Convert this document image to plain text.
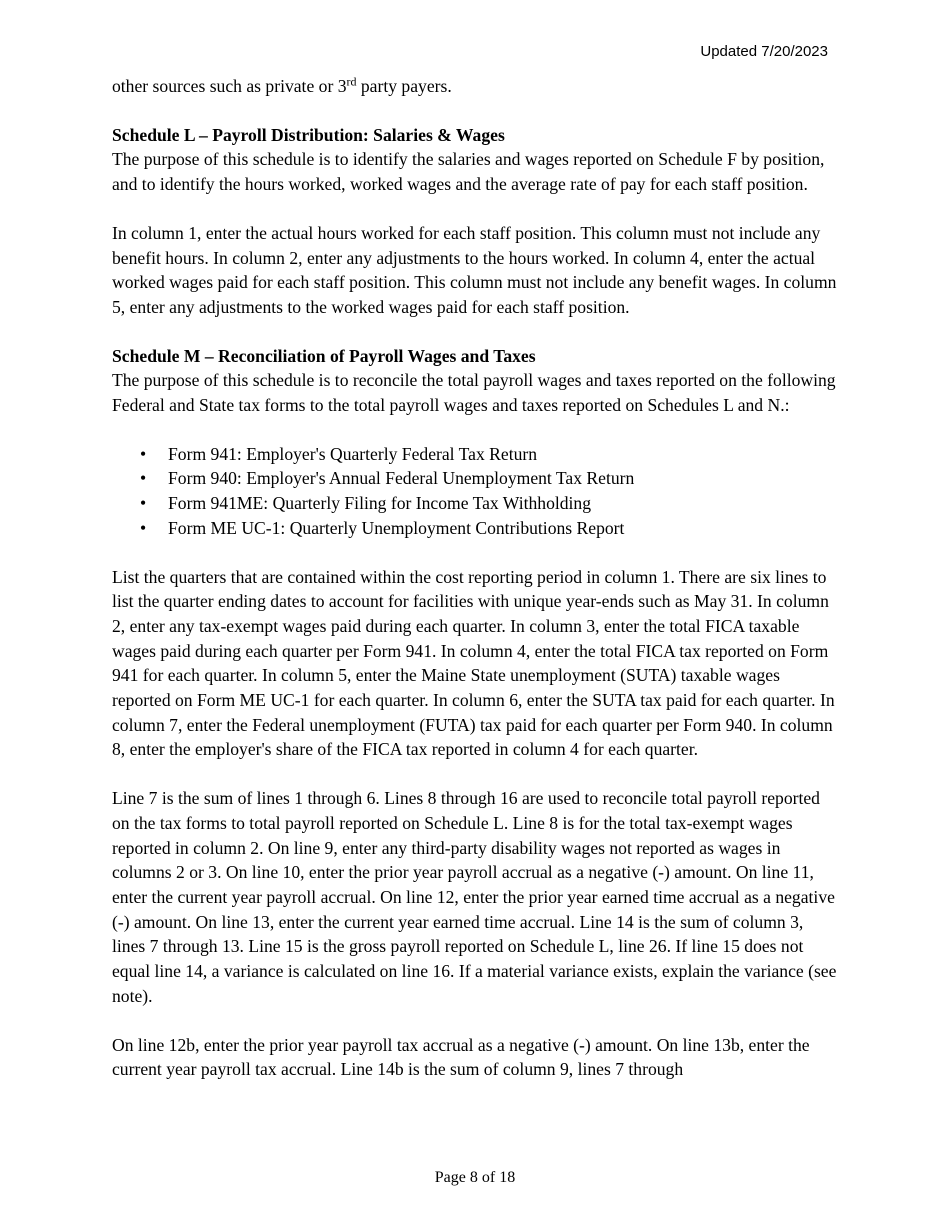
Updated 7/20/2023

other sources such as private or 3rd party payers.

Schedule L – Payroll Distribution: Salaries & Wages

The purpose of this schedule is to identify the salaries and wages reported on Schedule F by position, and to identify the hours worked, worked wages and the average rate of pay for each staff position.

In column 1, enter the actual hours worked for each staff position. This column must not include any benefit hours. In column 2, enter any adjustments to the hours worked. In column 4, enter the actual worked wages paid for each staff position. This column must not include any benefit wages. In column 5, enter any adjustments to the worked wages paid for each staff position.

Schedule M – Reconciliation of Payroll Wages and Taxes

The purpose of this schedule is to reconcile the total payroll wages and taxes reported on the following Federal and State tax forms to the total payroll wages and taxes reported on Schedules L and N.:

• Form 941: Employer's Quarterly Federal Tax Return
• Form 940: Employer's Annual Federal Unemployment Tax Return
• Form 941ME: Quarterly Filing for Income Tax Withholding
• Form ME UC-1: Quarterly Unemployment Contributions Report

List the quarters that are contained within the cost reporting period in column 1. There are six lines to list the quarter ending dates to account for facilities with unique year-ends such as May 31. In column 2, enter any tax-exempt wages paid during each quarter. In column 3, enter the total FICA taxable wages paid during each quarter per Form 941. In column 4, enter the total FICA tax reported on Form 941 for each quarter. In column 5, enter the Maine State unemployment (SUTA) taxable wages reported on Form ME UC-1 for each quarter. In column 6, enter the SUTA tax paid for each quarter. In column 7, enter the Federal unemployment (FUTA) tax paid for each quarter per Form 940. In column 8, enter the employer's share of the FICA tax reported in column 4 for each quarter.

Line 7 is the sum of lines 1 through 6. Lines 8 through 16 are used to reconcile total payroll reported on the tax forms to total payroll reported on Schedule L. Line 8 is for the total tax-exempt wages reported in column 2. On line 9, enter any third-party disability wages not reported as wages in columns 2 or 3. On line 10, enter the prior year payroll accrual as a negative (-) amount. On line 11, enter the current year payroll accrual. On line 12, enter the prior year earned time accrual as a negative (-) amount. On line 13, enter the current year earned time accrual. Line 14 is the sum of column 3, lines 7 through 13. Line 15 is the gross payroll reported on Schedule L, line 26. If line 15 does not equal line 14, a variance is calculated on line 16. If a material variance exists, explain the variance (see note).

On line 12b, enter the prior year payroll tax accrual as a negative (-) amount. On line 13b, enter the current year payroll tax accrual. Line 14b is the sum of column 9, lines 7 through

Page 8 of 18
